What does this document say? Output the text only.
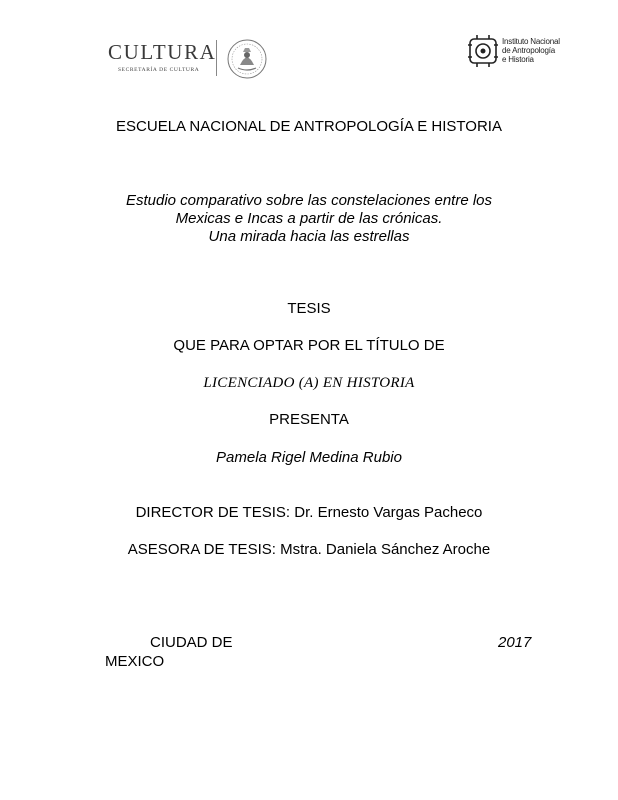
CULTURA
SECRETARÍA DE CULTURA
Instituto Nacional
de Antropología
e Historia
ESCUELA NACIONAL DE ANTROPOLOGÍA E HISTORIA
Estudio comparativo sobre las constelaciones entre los
Mexicas e Incas a partir de las crónicas.
Una mirada hacia las estrellas
TESIS
QUE PARA OPTAR POR EL TÍTULO DE
LICENCIADO (A) EN HISTORIA
PRESENTA
Pamela Rigel Medina Rubio
DIRECTOR DE TESIS: Dr. Ernesto Vargas Pacheco
ASESORA DE TESIS: Mstra. Daniela Sánchez Aroche
CIUDAD DE
MEXICO
2017
